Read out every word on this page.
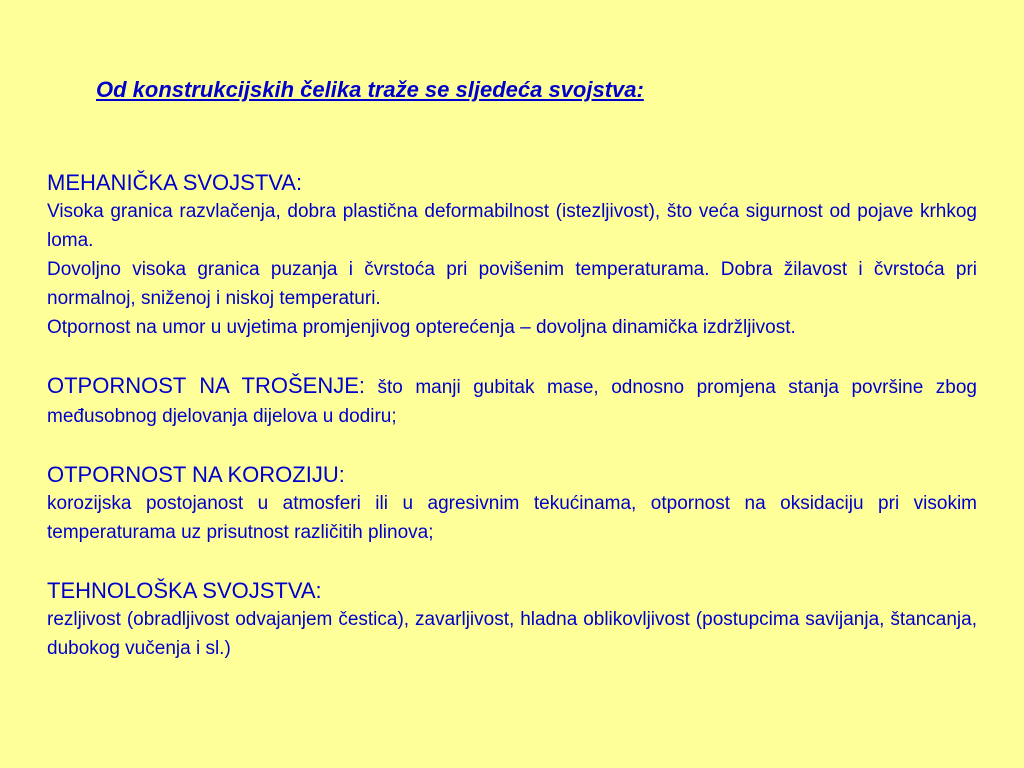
Od konstrukcijskih čelika traže se sljedeća svojstva:
MEHANIČKA SVOJSTVA:

Visoka granica razvlačenja, dobra plastična deformabilnost (istezljivost), što veća sigurnost od pojave krhkog loma.

Dovoljno visoka granica puzanja i čvrstoća pri povišenim temperaturama. Dobra žilavost i čvrstoća pri normalnoj, sniženoj i niskoj temperaturi.

Otpornost na umor u uvjetima promjenjivog opterećenja – dovoljna dinamička izdržljivost.

OTPORNOST NA TROŠENJE: što manji gubitak mase, odnosno promjena stanja površine zbog međusobnog djelovanja dijelova u dodiru;

OTPORNOST NA KOROZIJU:

korozijska postojanost u atmosferi ili u agresivnim tekućinama, otpornost na oksidaciju pri visokim temperaturama uz prisutnost različitih plinova;

TEHNOLOŠKA SVOJSTVA:

rezljivost (obradljivost odvajanjem čestica), zavarljivost, hladna oblikovljivost (postupcima savijanja, štancanja, dubokog vučenja i sl.)
